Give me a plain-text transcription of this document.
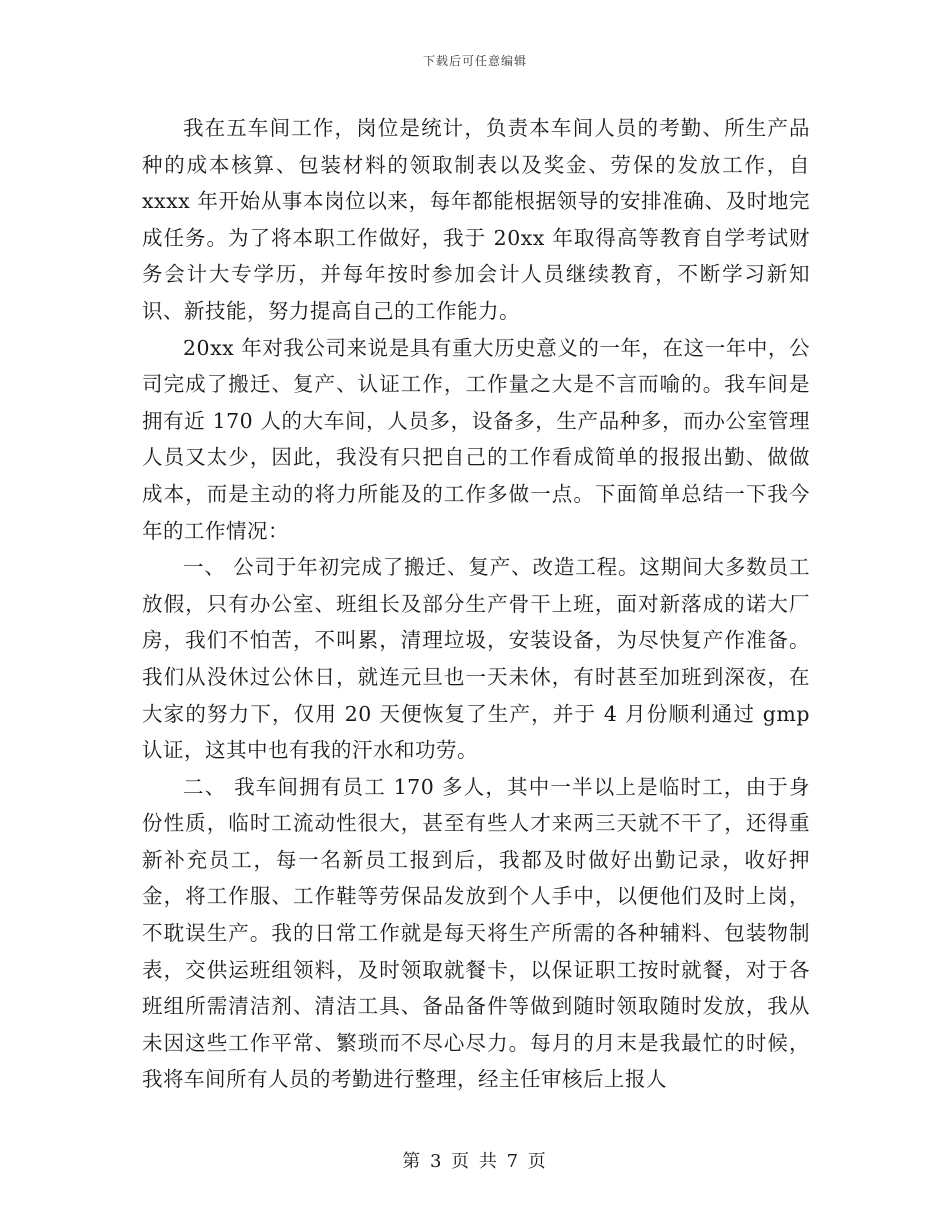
下载后可任意编辑

我在五车间工作，岗位是统计，负责本车间人员的考勤、所生产品种的成本核算、包装材料的领取制表以及奖金、劳保的发放工作，自 xxxx 年开始从事本岗位以来，每年都能根据领导的安排准确、及时地完成任务。为了将本职工作做好，我于 20xx 年取得高等教育自学考试财务会计大专学历，并每年按时参加会计人员继续教育，不断学习新知识、新技能，努力提高自己的工作能力。

20xx 年对我公司来说是具有重大历史意义的一年，在这一年中，公司完成了搬迁、复产、认证工作，工作量之大是不言而喻的。我车间是拥有近 170 人的大车间，人员多，设备多，生产品种多，而办公室管理人员又太少，因此，我没有只把自己的工作看成简单的报报出勤、做做成本，而是主动的将力所能及的工作多做一点。下面简单总结一下我今年的工作情况：

一、 公司于年初完成了搬迁、复产、改造工程。这期间大多数员工放假，只有办公室、班组长及部分生产骨干上班，面对新落成的诺大厂房，我们不怕苦，不叫累，清理垃圾，安装设备，为尽快复产作准备。我们从没休过公休日，就连元旦也一天未休，有时甚至加班到深夜，在大家的努力下，仅用 20 天便恢复了生产，并于 4 月份顺利通过 gmp 认证，这其中也有我的汗水和功劳。

二、 我车间拥有员工 170 多人，其中一半以上是临时工，由于身份性质，临时工流动性很大，甚至有些人才来两三天就不干了，还得重新补充员工，每一名新员工报到后，我都及时做好出勤记录，收好押金，将工作服、工作鞋等劳保品发放到个人手中，以便他们及时上岗，不耽误生产。我的日常工作就是每天将生产所需的各种辅料、包装物制表，交供运班组领料，及时领取就餐卡，以保证职工按时就餐，对于各班组所需清洁剂、清洁工具、备品备件等做到随时领取随时发放，我从未因这些工作平常、繁琐而不尽心尽力。每月的月末是我最忙的时候，我将车间所有人员的考勤进行整理，经主任审核后上报人

第 3 页 共 7 页
